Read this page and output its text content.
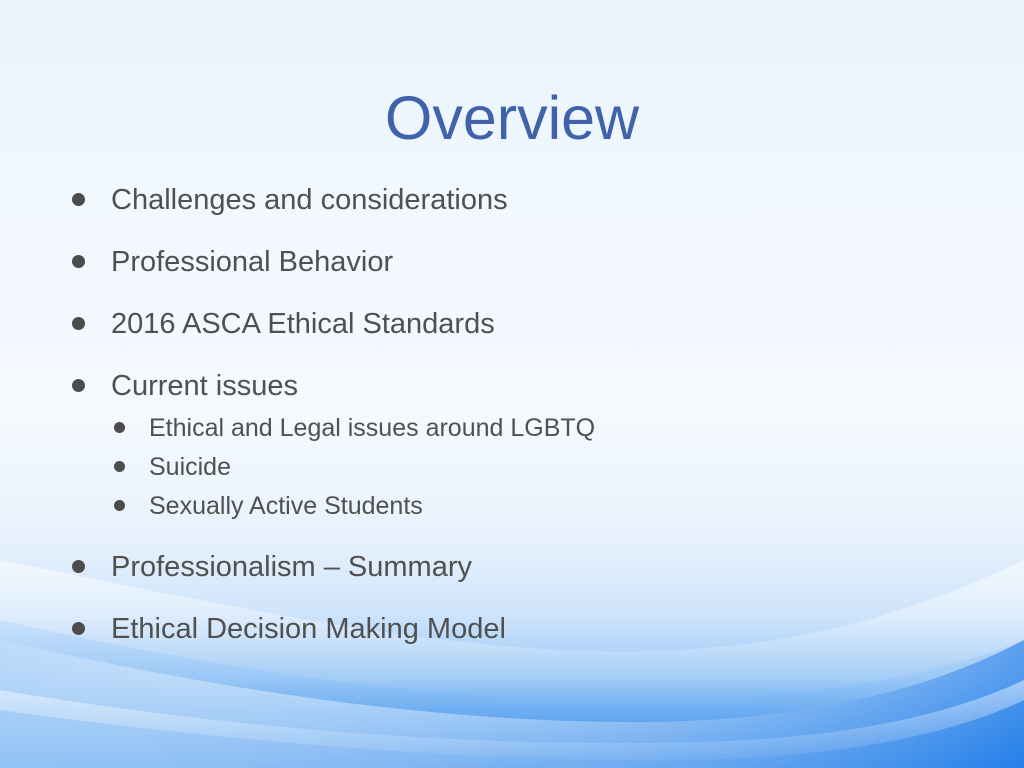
Overview
Challenges and considerations
Professional Behavior
2016 ASCA Ethical Standards
Current issues
Ethical and Legal issues around LGBTQ
Suicide
Sexually Active Students
Professionalism – Summary
Ethical Decision Making Model
